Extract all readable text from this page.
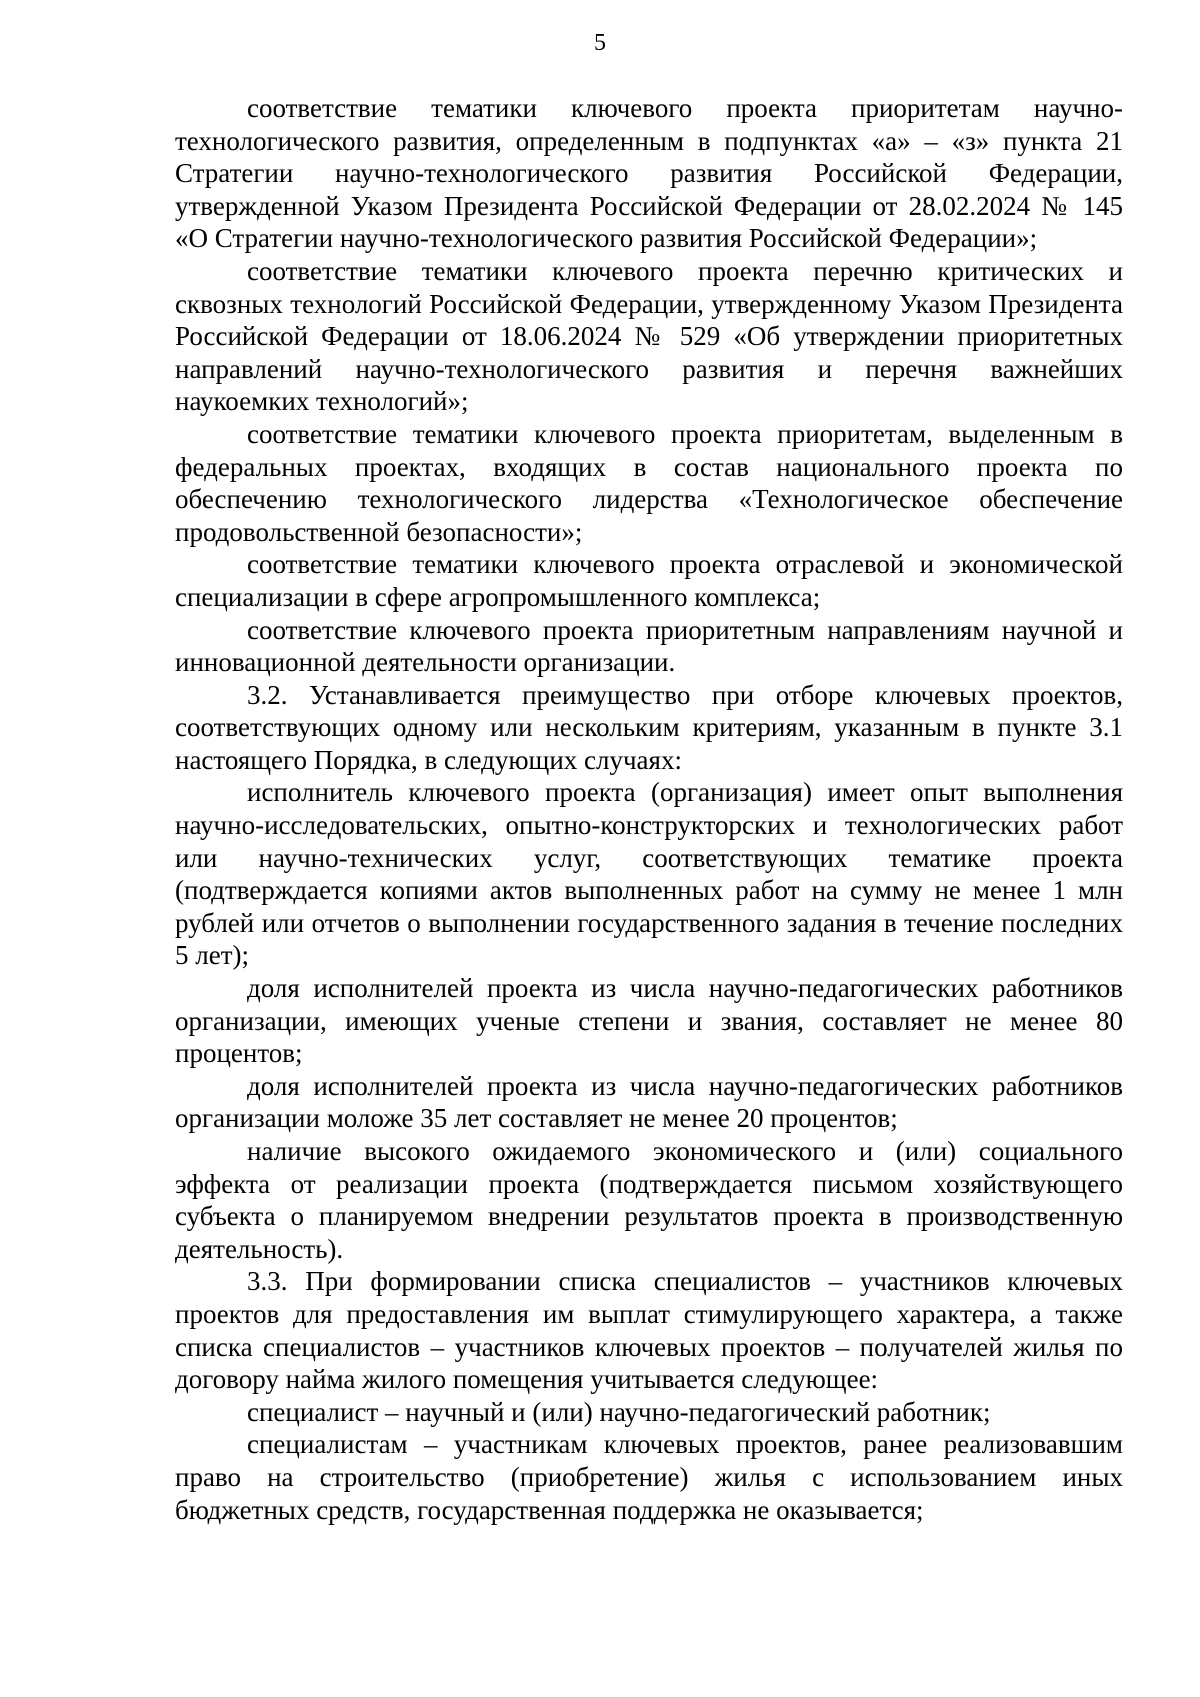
5

соответствие тематики ключевого проекта приоритетам научно-технологического развития, определенным в подпунктах «а» – «з» пункта 21 Стратегии научно-технологического развития Российской Федерации, утвержденной Указом Президента Российской Федерации от 28.02.2024 № 145 «О Стратегии научно-технологического развития Российской Федерации»;

соответствие тематики ключевого проекта перечню критических и сквозных технологий Российской Федерации, утвержденному Указом Президента Российской Федерации от 18.06.2024 № 529 «Об утверждении приоритетных направлений научно-технологического развития и перечня важнейших наукоемких технологий»;

соответствие тематики ключевого проекта приоритетам, выделенным в федеральных проектах, входящих в состав национального проекта по обеспечению технологического лидерства «Технологическое обеспечение продовольственной безопасности»;

соответствие тематики ключевого проекта отраслевой и экономической специализации в сфере агропромышленного комплекса;

соответствие ключевого проекта приоритетным направлениям научной и инновационной деятельности организации.

3.2. Устанавливается преимущество при отборе ключевых проектов, соответствующих одному или нескольким критериям, указанным в пункте 3.1 настоящего Порядка, в следующих случаях:

исполнитель ключевого проекта (организация) имеет опыт выполнения научно-исследовательских, опытно-конструкторских и технологических работ или научно-технических услуг, соответствующих тематике проекта (подтверждается копиями актов выполненных работ на сумму не менее 1 млн рублей или отчетов о выполнении государственного задания в течение последних 5 лет);

доля исполнителей проекта из числа научно-педагогических работников организации, имеющих ученые степени и звания, составляет не менее 80 процентов;

доля исполнителей проекта из числа научно-педагогических работников организации моложе 35 лет составляет не менее 20 процентов;

наличие высокого ожидаемого экономического и (или) социального эффекта от реализации проекта (подтверждается письмом хозяйствующего субъекта о планируемом внедрении результатов проекта в производственную деятельность).

3.3. При формировании списка специалистов – участников ключевых проектов для предоставления им выплат стимулирующего характера, а также списка специалистов – участников ключевых проектов – получателей жилья по договору найма жилого помещения учитывается следующее:

специалист – научный и (или) научно-педагогический работник;

специалистам – участникам ключевых проектов, ранее реализовавшим право на строительство (приобретение) жилья с использованием иных бюджетных средств, государственная поддержка не оказывается;
